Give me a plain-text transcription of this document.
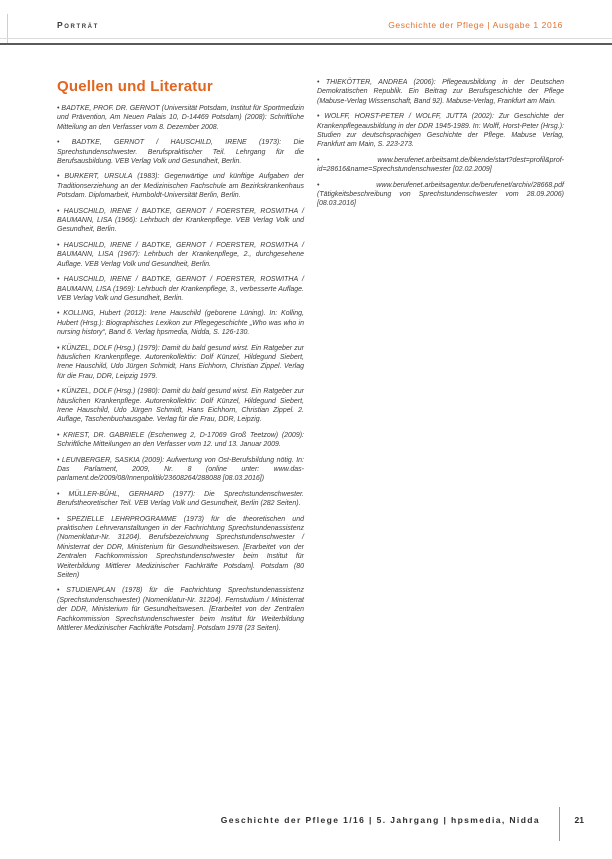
Porträt	Geschichte der Pflege | Ausgabe 1 2016
Quellen und Literatur

• BADTKE, PROF. DR. GERNOT (Universität Potsdam, Institut für Sportmedizin und Prävention, Am Neuen Palais 10, D-14469 Potsdam) (2008): Schriftliche Mitteilung an den Verfasser vom 8. Dezember 2008.

• BADTKE, GERNOT / HAUSCHILD, IRENE (1973): Die Sprechstundenschwester. Berufspraktischer Teil. Lehrgang für die Berufsausbildung. VEB Verlag Volk und Gesundheit, Berlin.

• BURKERT, URSULA (1983): Gegenwärtige und künftige Aufgaben der Traditionserziehung an der Medizinischen Fachschule am Bezirkskrankenhaus Potsdam. Diplomarbeit, Humboldt-Universität Berlin, Berlin.

• HAUSCHILD, IRENE / BADTKE, GERNOT / FOERSTER, ROSWITHA / BAUMANN, LISA (1966): Lehrbuch der Krankenpflege. VEB Verlag Volk und Gesundheit, Berlin.

• HAUSCHILD, IRENE / BADTKE, GERNOT / FOERSTER, ROSWITHA / BAUMANN, LISA (1967): Lehrbuch der Krankenpflege, 2., durchgesehene Auflage. VEB Verlag Volk und Gesundheit, Berlin.

• HAUSCHILD, IRENE / BADTKE, GERNOT / FOERSTER, ROSWITHA / BAUMANN, LISA (1969): Lehrbuch der Krankenpflege, 3., verbesserte Auflage. VEB Verlag Volk und Gesundheit, Berlin.

• KOLLING, Hubert (2012): Irene Hauschild (geborene Lüning). In: Kolling, Hubert (Hrsg.): Biographisches Lexikon zur Pflegegeschichte „Who was who in nursing history“, Band 6. Verlag hpsmedia, Nidda, S. 126-130.

• KÜNZEL, DOLF (Hrsg.) (1979): Damit du bald gesund wirst. Ein Ratgeber zur häuslichen Krankenpflege. Autorenkollektiv: Dolf Künzel, Hildegund Siebert, Irene Hauschild, Udo Jürgen Schmidt, Hans Eichhorn, Christian Zippel. Verlag für die Frau, DDR, Leipzig 1979.

• KÜNZEL, DOLF (Hrsg.) (1980): Damit du bald gesund wirst. Ein Ratgeber zur häuslichen Krankenpflege. Autorenkollektiv: Dolf Künzel, Hildegund Siebert, Irene Hauschild, Udo Jürgen Schmidt, Hans Eichhorn, Christian Zippel. 2. Auflage, Taschenbuchausgabe. Verlag für die Frau, DDR, Leipzig.

• KRIEST, DR. GABRIELE (Eschenweg 2, D-17069 Groß Teetzow) (2009): Schriftliche Mitteilungen an den Verfasser vom 12. und 13. Januar 2009.

• LEUNBERGER, SASKIA (2009): Aufwertung von Ost-Berufsbildung nötig. In: Das Parlament, 2009, Nr. 8 (online unter: www.das-parlament.de/2009/08/Innenpolitik/23608264/288088 [08.03.2016])

• MÜLLER-BÜHL, GERHARD (1977): Die Sprechstundenschwester. Berufstheoretischer Teil. VEB Verlag Volk und Gesundheit, Berlin (282 Seiten).

• SPEZIELLE LEHRPROGRAMME (1973) für die theoretischen und praktischen Lehrveranstaltungen in der Fachrichtung Sprechstundenassistenz (Nomenklatur-Nr. 31204). Berufsbezeichnung Sprechstundenschwester / Ministerrat der DDR, Ministerium für Gesundheitswesen. [Erarbeitet von der Zentralen Fachkommission Sprechstundenschwester beim Institut für Weiterbildung Mittlerer Medizinischer Fachkräfte Potsdam]. Potsdam (80 Seiten)

• STUDIENPLAN (1978) für die Fachrichtung Sprechstundenassistenz (Sprechstundenschwester) (Nomenklatur-Nr. 31204). Fernstudium / Ministerrat der DDR, Ministerium für Gesundheitswesen. [Erarbeitet von der Zentralen Fachkommission Sprechstundenschwester beim Institut für Weiterbildung Mittlerer Medizinischer Fachkräfte Potsdam]. Potsdam 1978 (23 Seiten).

• THIEKÖTTER, ANDREA (2006): Pflegeausbildung in der Deutschen Demokratischen Republik. Ein Beitrag zur Berufsgeschichte der Pflege (Mabuse-Verlag Wissenschaft, Band 92). Mabuse-Verlag, Frankfurt am Main.

• WOLFF, HORST-PETER / WOLFF, JUTTA (2002): Zur Geschichte der Krankenpflegeausbildung in der DDR 1945-1989. In: Wolff, Horst-Peter (Hrsg.): Studien zur deutschsprachigen Geschichte der Pflege. Mabuse Verlag, Frankfurt am Main, S. 223-273.

• www.berufenet.arbeitsamt.de/bkende/start?dest=profil&prof-id=28616&name=Sprechstundenschwester [02.02.2009]

• www.berufenet.arbeitsagentur.de/berufenet/archiv/28668.pdf (Tätigkeitsbeschreibung von Sprechstundenschwester vom 28.09.2006) [08.03.2016]

Geschichte der Pflege 1/16 | 5. Jahrgang | hpsmedia, Nidda	21
